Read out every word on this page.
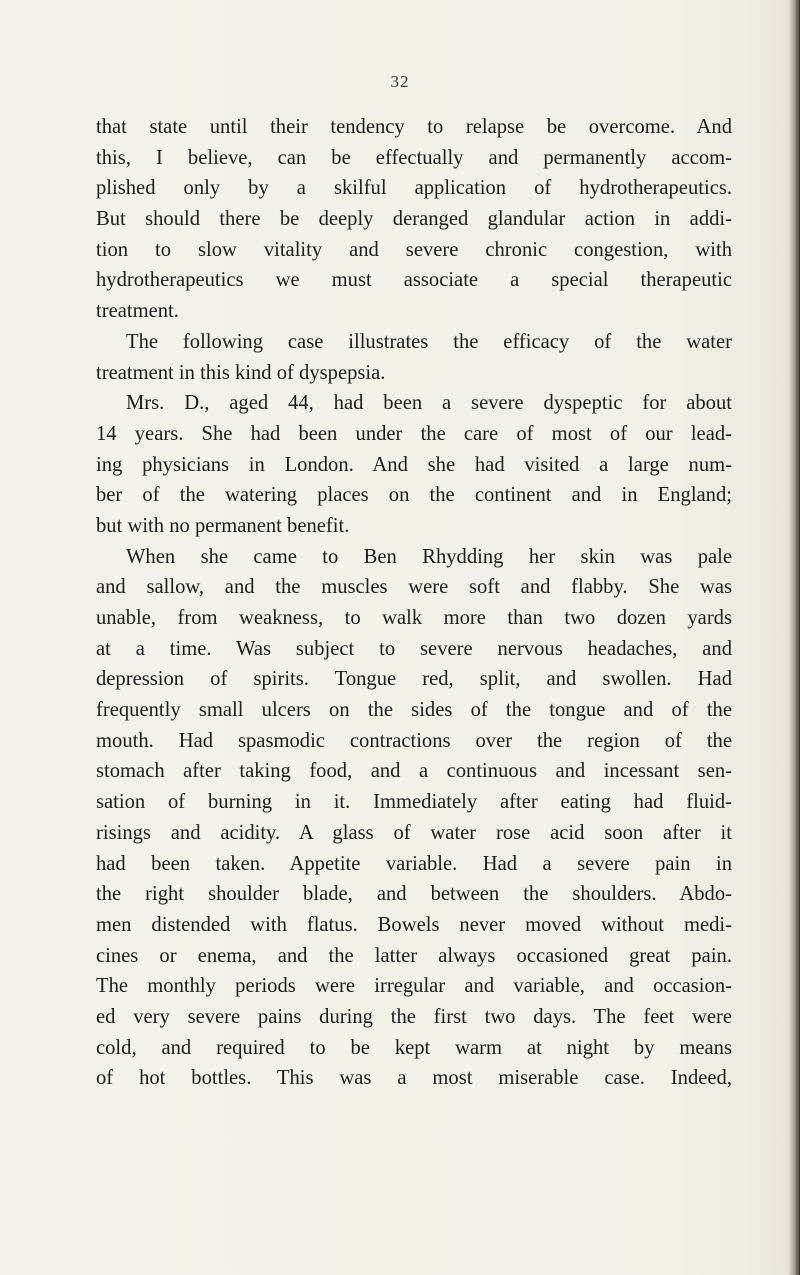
32
that state until their tendency to relapse be overcome. And
this, I believe, can be effectually and permanently accom-
plished only by a skilful application of hydrotherapeutics.
But should there be deeply deranged glandular action in addi-
tion to slow vitality and severe chronic congestion, with
hydrotherapeutics we must associate a special therapeutic
treatment.
The following case illustrates the efficacy of the water
treatment in this kind of dyspepsia.
Mrs. D., aged 44, had been a severe dyspeptic for about
14 years. She had been under the care of most of our lead-
ing physicians in London. And she had visited a large num-
ber of the watering places on the continent and in England;
but with no permanent benefit.
When she came to Ben Rhydding her skin was pale
and sallow, and the muscles were soft and flabby. She was
unable, from weakness, to walk more than two dozen yards
at a time. Was subject to severe nervous headaches, and
depression of spirits. Tongue red, split, and swollen. Had
frequently small ulcers on the sides of the tongue and of the
mouth. Had spasmodic contractions over the region of the
stomach after taking food, and a continuous and incessant sen-
sation of burning in it. Immediately after eating had fluid-
risings and acidity. A glass of water rose acid soon after it
had been taken. Appetite variable. Had a severe pain in
the right shoulder blade, and between the shoulders. Abdo-
men distended with flatus. Bowels never moved without medi-
cines or enema, and the latter always occasioned great pain.
The monthly periods were irregular and variable, and occasion-
ed very severe pains during the first two days. The feet were
cold, and required to be kept warm at night by means
of hot bottles. This was a most miserable case. Indeed,
